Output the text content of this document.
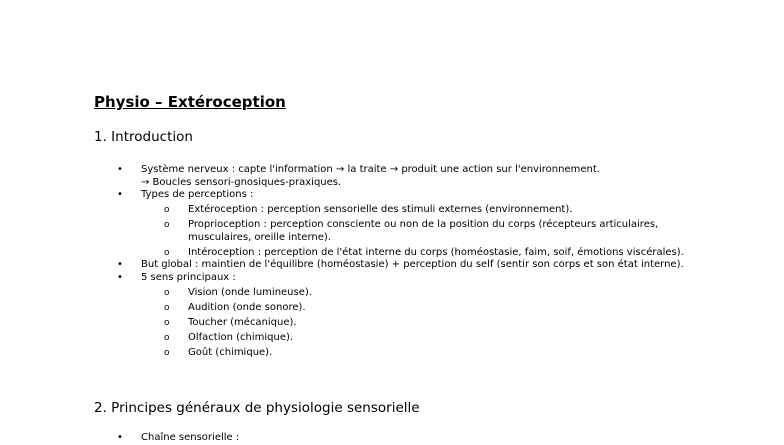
Physio – Extéroception
1. Introduction
• Système nerveux : capte l'information → la traite → produit une action sur l'environnement.
→ Boucles sensori-gnosiques-praxiques.
• Types de perceptions :
o Extéroception : perception sensorielle des stimuli externes (environnement).
o Proprioception : perception consciente ou non de la position du corps (récepteurs articulaires, musculaires, oreille interne).
o Intéroception : perception de l'état interne du corps (homéostasie, faim, soif, émotions viscérales).
• But global : maintien de l'équilibre (homéostasie) + perception du self (sentir son corps et son état interne).
• 5 sens principaux :
o Vision (onde lumineuse).
o Audition (onde sonore).
o Toucher (mécanique).
o Olfaction (chimique).
o Goût (chimique).
2. Principes généraux de physiologie sensorielle
• Chaîne sensorielle :
